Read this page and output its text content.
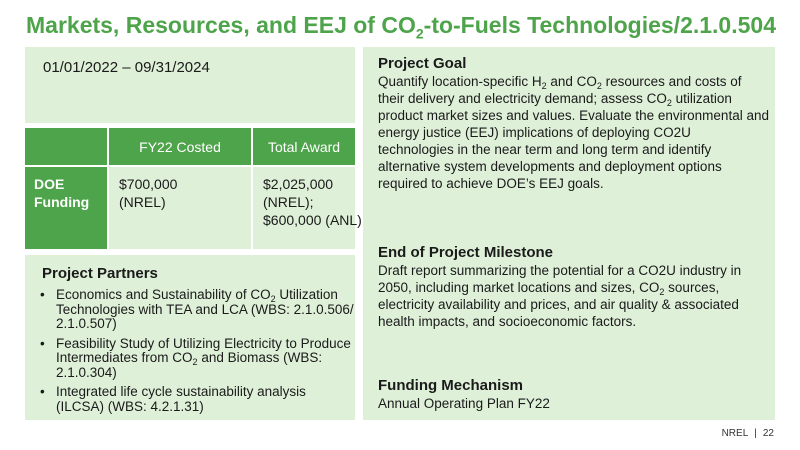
Markets, Resources, and EEJ of $CO_2-to$-Fuels Technologies/2.1.0.504
01/01/2022 – 09/31/2024
FY22 Costed	Total Award
DOE
Funding
$700,000
(NREL)
$2,025,000
(NREL);
$600,000 (ANL)
Project Partners
• Economics and Sustainability of $CO_2$ Utilization Technologies with TEA and LCA (WBS: 2.1.0.506/ 2.1.0.507)
• Feasibility Study of Utilizing Electricity to Produce Intermediates from $CO_2$ and Biomass (WBS: 2.1.0.304)
• Integrated life cycle sustainability analysis (ILCSA) (WBS: 4.2.1.31)
Project Goal

Quantify location-specific $H_2$ and $CO_2$ resources and costs of their delivery and electricity demand; assess $CO_2$ utilization product market sizes and values. Evaluate the environmental and energy justice (EEJ) implications of deploying CO2U technologies in the near term and long term and identify alternative system developments and deployment options required to achieve DOE’s EEJ goals.

End of Project Milestone

Draft report summarizing the potential for a CO2U industry in 2050, including market locations and sizes, $CO_2$ sources, electricity availability and prices, and air quality & associated health impacts, and socioeconomic factors.

Funding Mechanism

Annual Operating Plan FY22

NREL | 22
